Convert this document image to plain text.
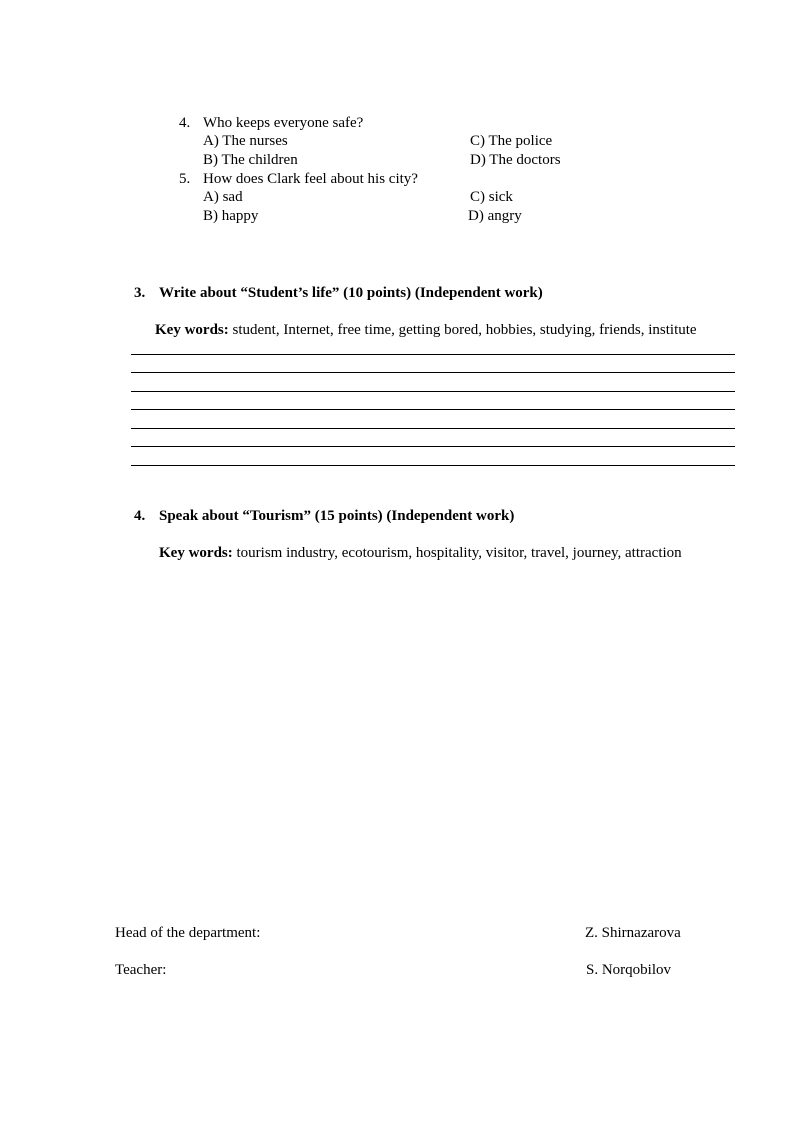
4. Who keeps everyone safe?
A) The nurses	C) The police
B) The children	D) The doctors
5. How does Clark feel about his city?
A) sad	C) sick
B) happy	D) angry
3. Write about “Student’s life” (10 points) (Independent work)
Key words: student, Internet, free time, getting bored, hobbies, studying, friends, institute
4. Speak about “Tourism” (15 points) (Independent work)
Key words: tourism industry, ecotourism, hospitality, visitor, travel, journey, attraction
Head of the department:	Z. Shirnazarova
Teacher:	S. Norqobilov
